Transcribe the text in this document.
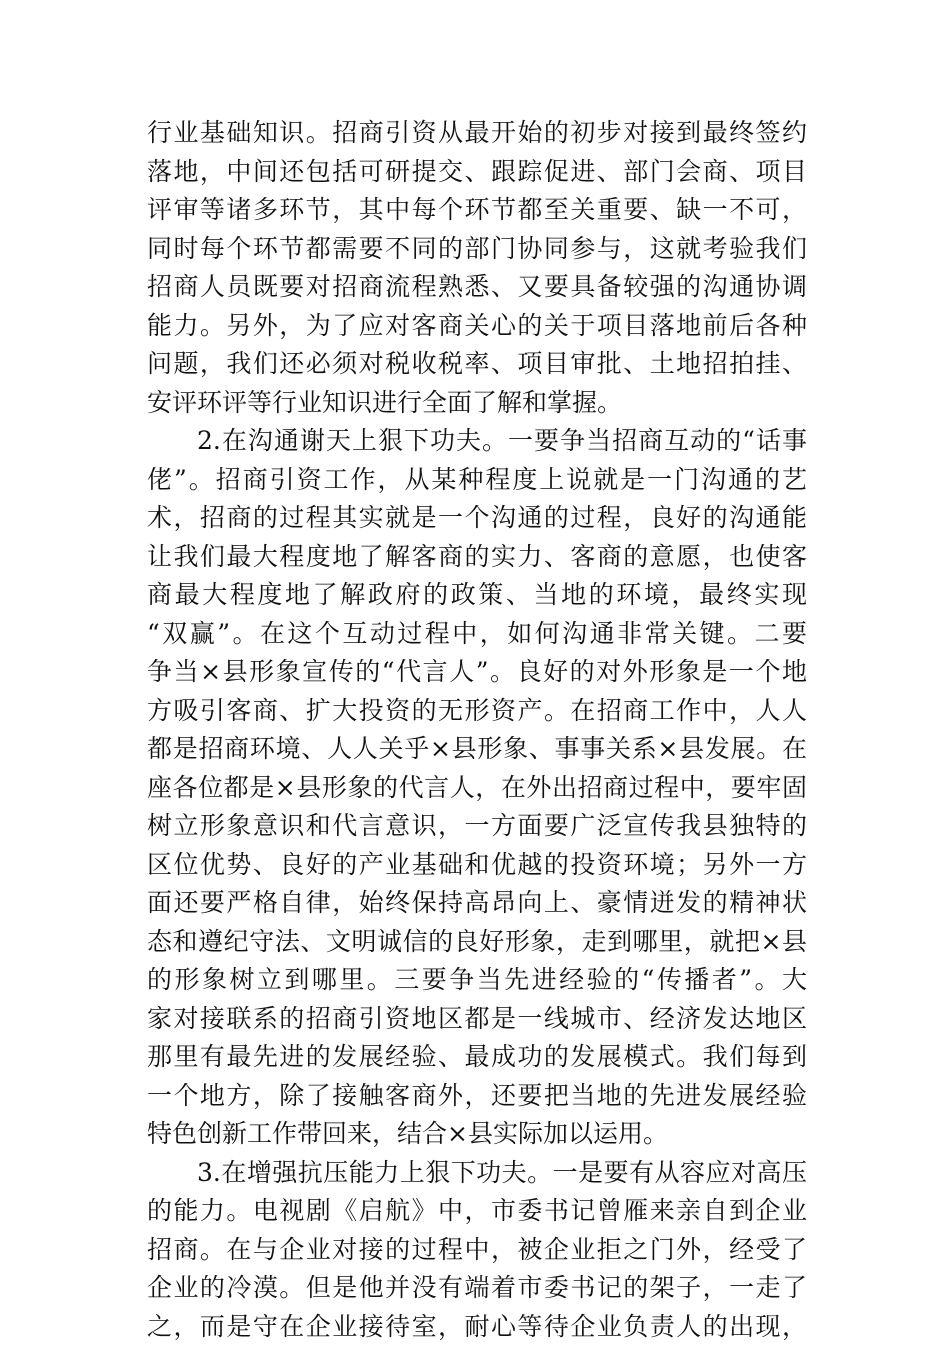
行业基础知识。招商引资从最开始的初步对接到最终签约
落地，中间还包括可研提交、跟踪促进、部门会商、项目
评审等诸多环节，其中每个环节都至关重要、缺一不可，
同时每个环节都需要不同的部门协同参与，这就考验我们
招商人员既要对招商流程熟悉、又要具备较强的沟通协调
能力。另外，为了应对客商关心的关于项目落地前后各种
问题，我们还必须对税收税率、项目审批、土地招拍挂、
安评环评等行业知识进行全面了解和掌握。
2.在沟通谢天上狠下功夫。一要争当招商互动的“话事
佬”。招商引资工作，从某种程度上说就是一门沟通的艺
术，招商的过程其实就是一个沟通的过程，良好的沟通能
让我们最大程度地了解客商的实力、客商的意愿，也使客
商最大程度地了解政府的政策、当地的环境，最终实现
“双赢”。在这个互动过程中，如何沟通非常关键。二要
争当×县形象宣传的“代言人”。良好的对外形象是一个地
方吸引客商、扩大投资的无形资产。在招商工作中，人人
都是招商环境、人人关乎×县形象、事事关系×县发展。在
座各位都是×县形象的代言人，在外出招商过程中，要牢固
树立形象意识和代言意识，一方面要广泛宣传我县独特的
区位优势、良好的产业基础和优越的投资环境；另外一方
面还要严格自律，始终保持高昂向上、豪情迸发的精神状
态和遵纪守法、文明诚信的良好形象，走到哪里，就把×县
的形象树立到哪里。三要争当先进经验的“传播者”。大
家对接联系的招商引资地区都是一线城市、经济发达地区
那里有最先进的发展经验、最成功的发展模式。我们每到
一个地方，除了接触客商外，还要把当地的先进发展经验
特色创新工作带回来，结合×县实际加以运用。
3.在增强抗压能力上狠下功夫。一是要有从容应对高压
的能力。电视剧《启航》中，市委书记曾雁来亲自到企业
招商。在与企业对接的过程中，被企业拒之门外，经受了
企业的冷漠。但是他并没有端着市委书记的架子，一走了
之，而是守在企业接待室，耐心等待企业负责人的出现，
